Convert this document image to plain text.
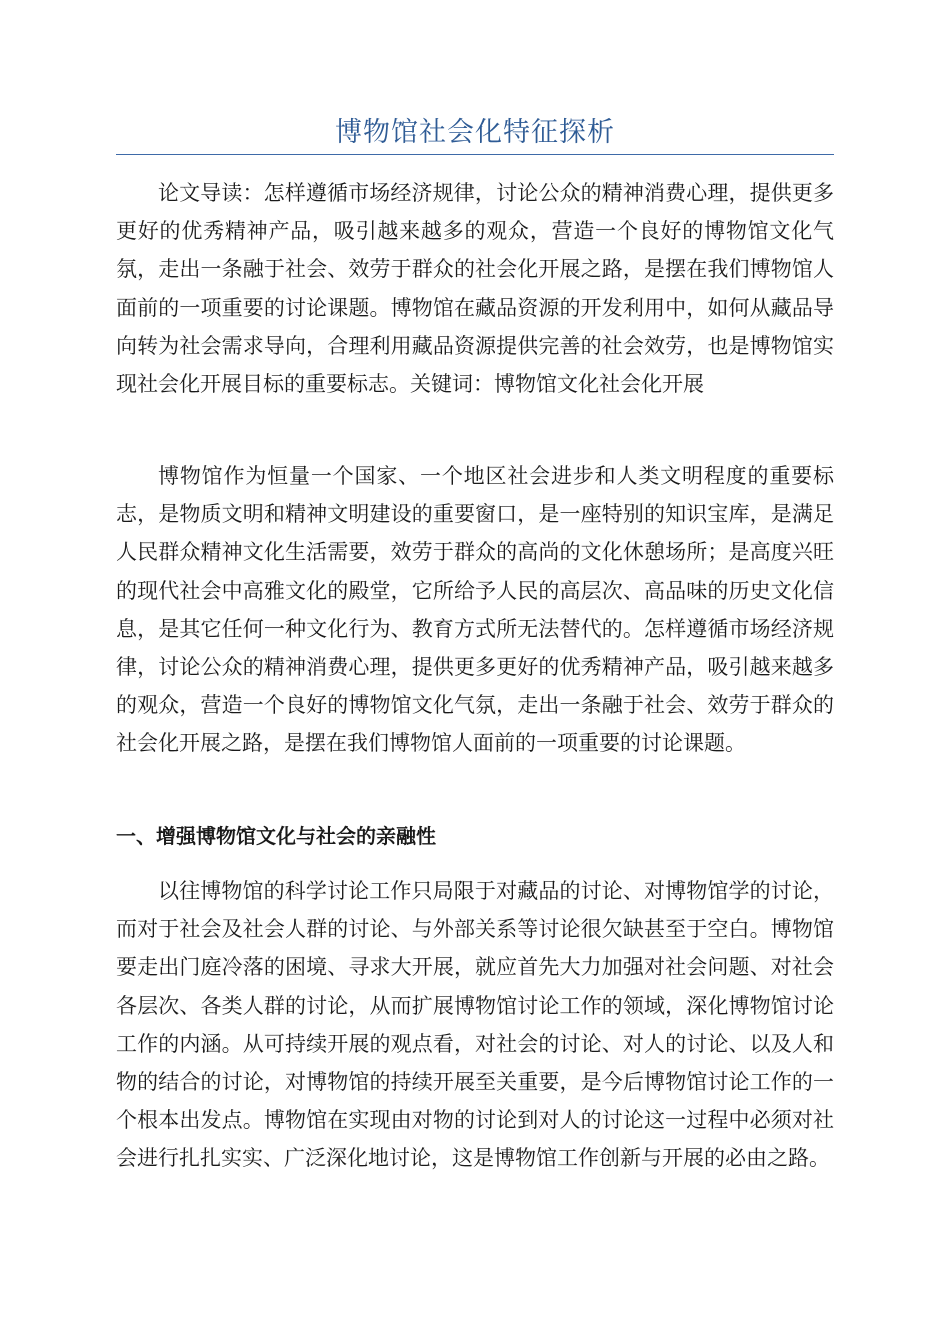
博物馆社会化特征探析

论文导读：怎样遵循市场经济规律，讨论公众的精神消费心理，提供更多更好的优秀精神产品，吸引越来越多的观众，营造一个良好的博物馆文化气氛，走出一条融于社会、效劳于群众的社会化开展之路，是摆在我们博物馆人面前的一项重要的讨论课题。博物馆在藏品资源的开发利用中，如何从藏品导向转为社会需求导向，合理利用藏品资源提供完善的社会效劳，也是博物馆实现社会化开展目标的重要标志。关键词：博物馆文化社会化开展

博物馆作为恒量一个国家、一个地区社会进步和人类文明程度的重要标志，是物质文明和精神文明建设的重要窗口，是一座特别的知识宝库，是满足人民群众精神文化生活需要，效劳于群众的高尚的文化休憩场所；是高度兴旺的现代社会中高雅文化的殿堂，它所给予人民的高层次、高品味的历史文化信息，是其它任何一种文化行为、教育方式所无法替代的。怎样遵循市场经济规律，讨论公众的精神消费心理，提供更多更好的优秀精神产品，吸引越来越多的观众，营造一个良好的博物馆文化气氛，走出一条融于社会、效劳于群众的社会化开展之路，是摆在我们博物馆人面前的一项重要的讨论课题。

一、增强博物馆文化与社会的亲融性

以往博物馆的科学讨论工作只局限于对藏品的讨论、对博物馆学的讨论，而对于社会及社会人群的讨论、与外部关系等讨论很欠缺甚至于空白。博物馆要走出门庭冷落的困境、寻求大开展，就应首先大力加强对社会问题、对社会各层次、各类人群的讨论，从而扩展博物馆讨论工作的领域，深化博物馆讨论工作的内涵。从可持续开展的观点看，对社会的讨论、对人的讨论、以及人和物的结合的讨论，对博物馆的持续开展至关重要，是今后博物馆讨论工作的一个根本出发点。博物馆在实现由对物的讨论到对人的讨论这一过程中必须对社会进行扎扎实实、广泛深化地讨论，这是博物馆工作创新与开展的必由之路。
